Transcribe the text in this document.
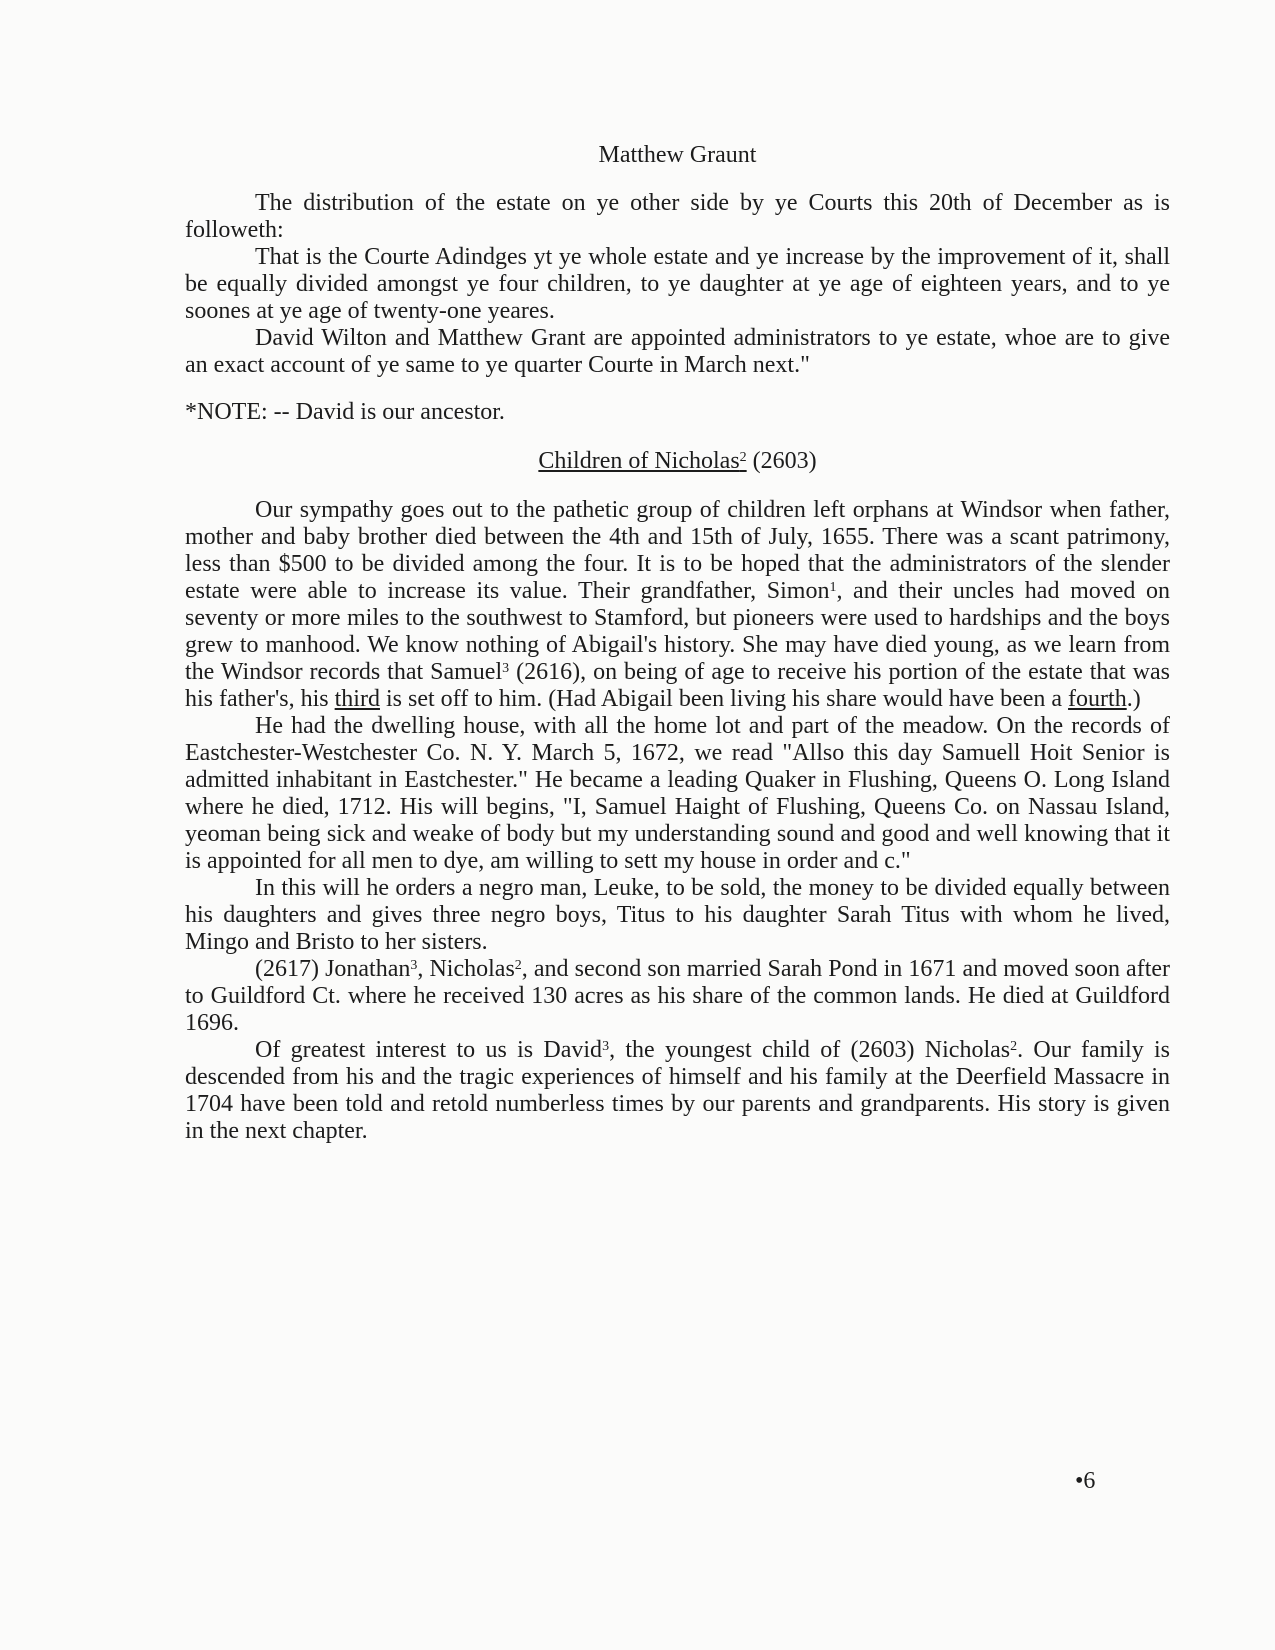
Matthew Graunt

The distribution of the estate on ye other side by ye Courts this 20th of December as is followeth:

That is the Courte Adindges yt ye whole estate and ye increase by the improvement of it, shall be equally divided amongst ye four children, to ye daughter at ye age of eighteen years, and to ye soones at ye age of twenty-one yeares.

David Wilton and Matthew Grant are appointed administrators to ye estate, whoe are to give an exact account of ye same to ye quarter Courte in March next."

*NOTE: -- David is our ancestor.

Children of Nicholas$^2$ (2603)

Our sympathy goes out to the pathetic group of children left orphans at Windsor when father, mother and baby brother died between the 4th and 15th of July, 1655. There was a scant patrimony, less than $500 to be divided among the four. It is to be hoped that the administrators of the slender estate were able to increase its value. Their grandfather, Simon$^1$, and their uncles had moved on seventy or more miles to the southwest to Stamford, but pioneers were used to hardships and the boys grew to manhood. We know nothing of Abigail's history. She may have died young, as we learn from the Windsor records that Samuel$^3$ (2616), on being of age to receive his portion of the estate that was his father's, his third is set off to him. (Had Abigail been living his share would have been a fourth.)

He had the dwelling house, with all the home lot and part of the meadow. On the records of Eastchester-Westchester Co. N. Y. March 5, 1672, we read "Allso this day Samuell Hoit Senior is admitted inhabitant in Eastchester." He became a leading Quaker in Flushing, Queens O. Long Island where he died, 1712. His will begins, "I, Samuel Haight of Flushing, Queens Co. on Nassau Island, yeoman being sick and weake of body but my understanding sound and good and well knowing that it is appointed for all men to dye, am willing to sett my house in order and c."

In this will he orders a negro man, Leuke, to be sold, the money to be divided equally between his daughters and gives three negro boys, Titus to his daughter Sarah Titus with whom he lived, Mingo and Bristo to her sisters.

(2617) Jonathan$^3$, Nicholas$^2$, and second son married Sarah Pond in 1671 and moved soon after to Guildford Ct. where he received 130 acres as his share of the common lands. He died at Guildford 1696.

Of greatest interest to us is David$^3$, the youngest child of (2603) Nicholas$^2$. Our family is descended from his and the tragic experiences of himself and his family at the Deerfield Massacre in 1704 have been told and retold numberless times by our parents and grandparents. His story is given in the next chapter.

•6
